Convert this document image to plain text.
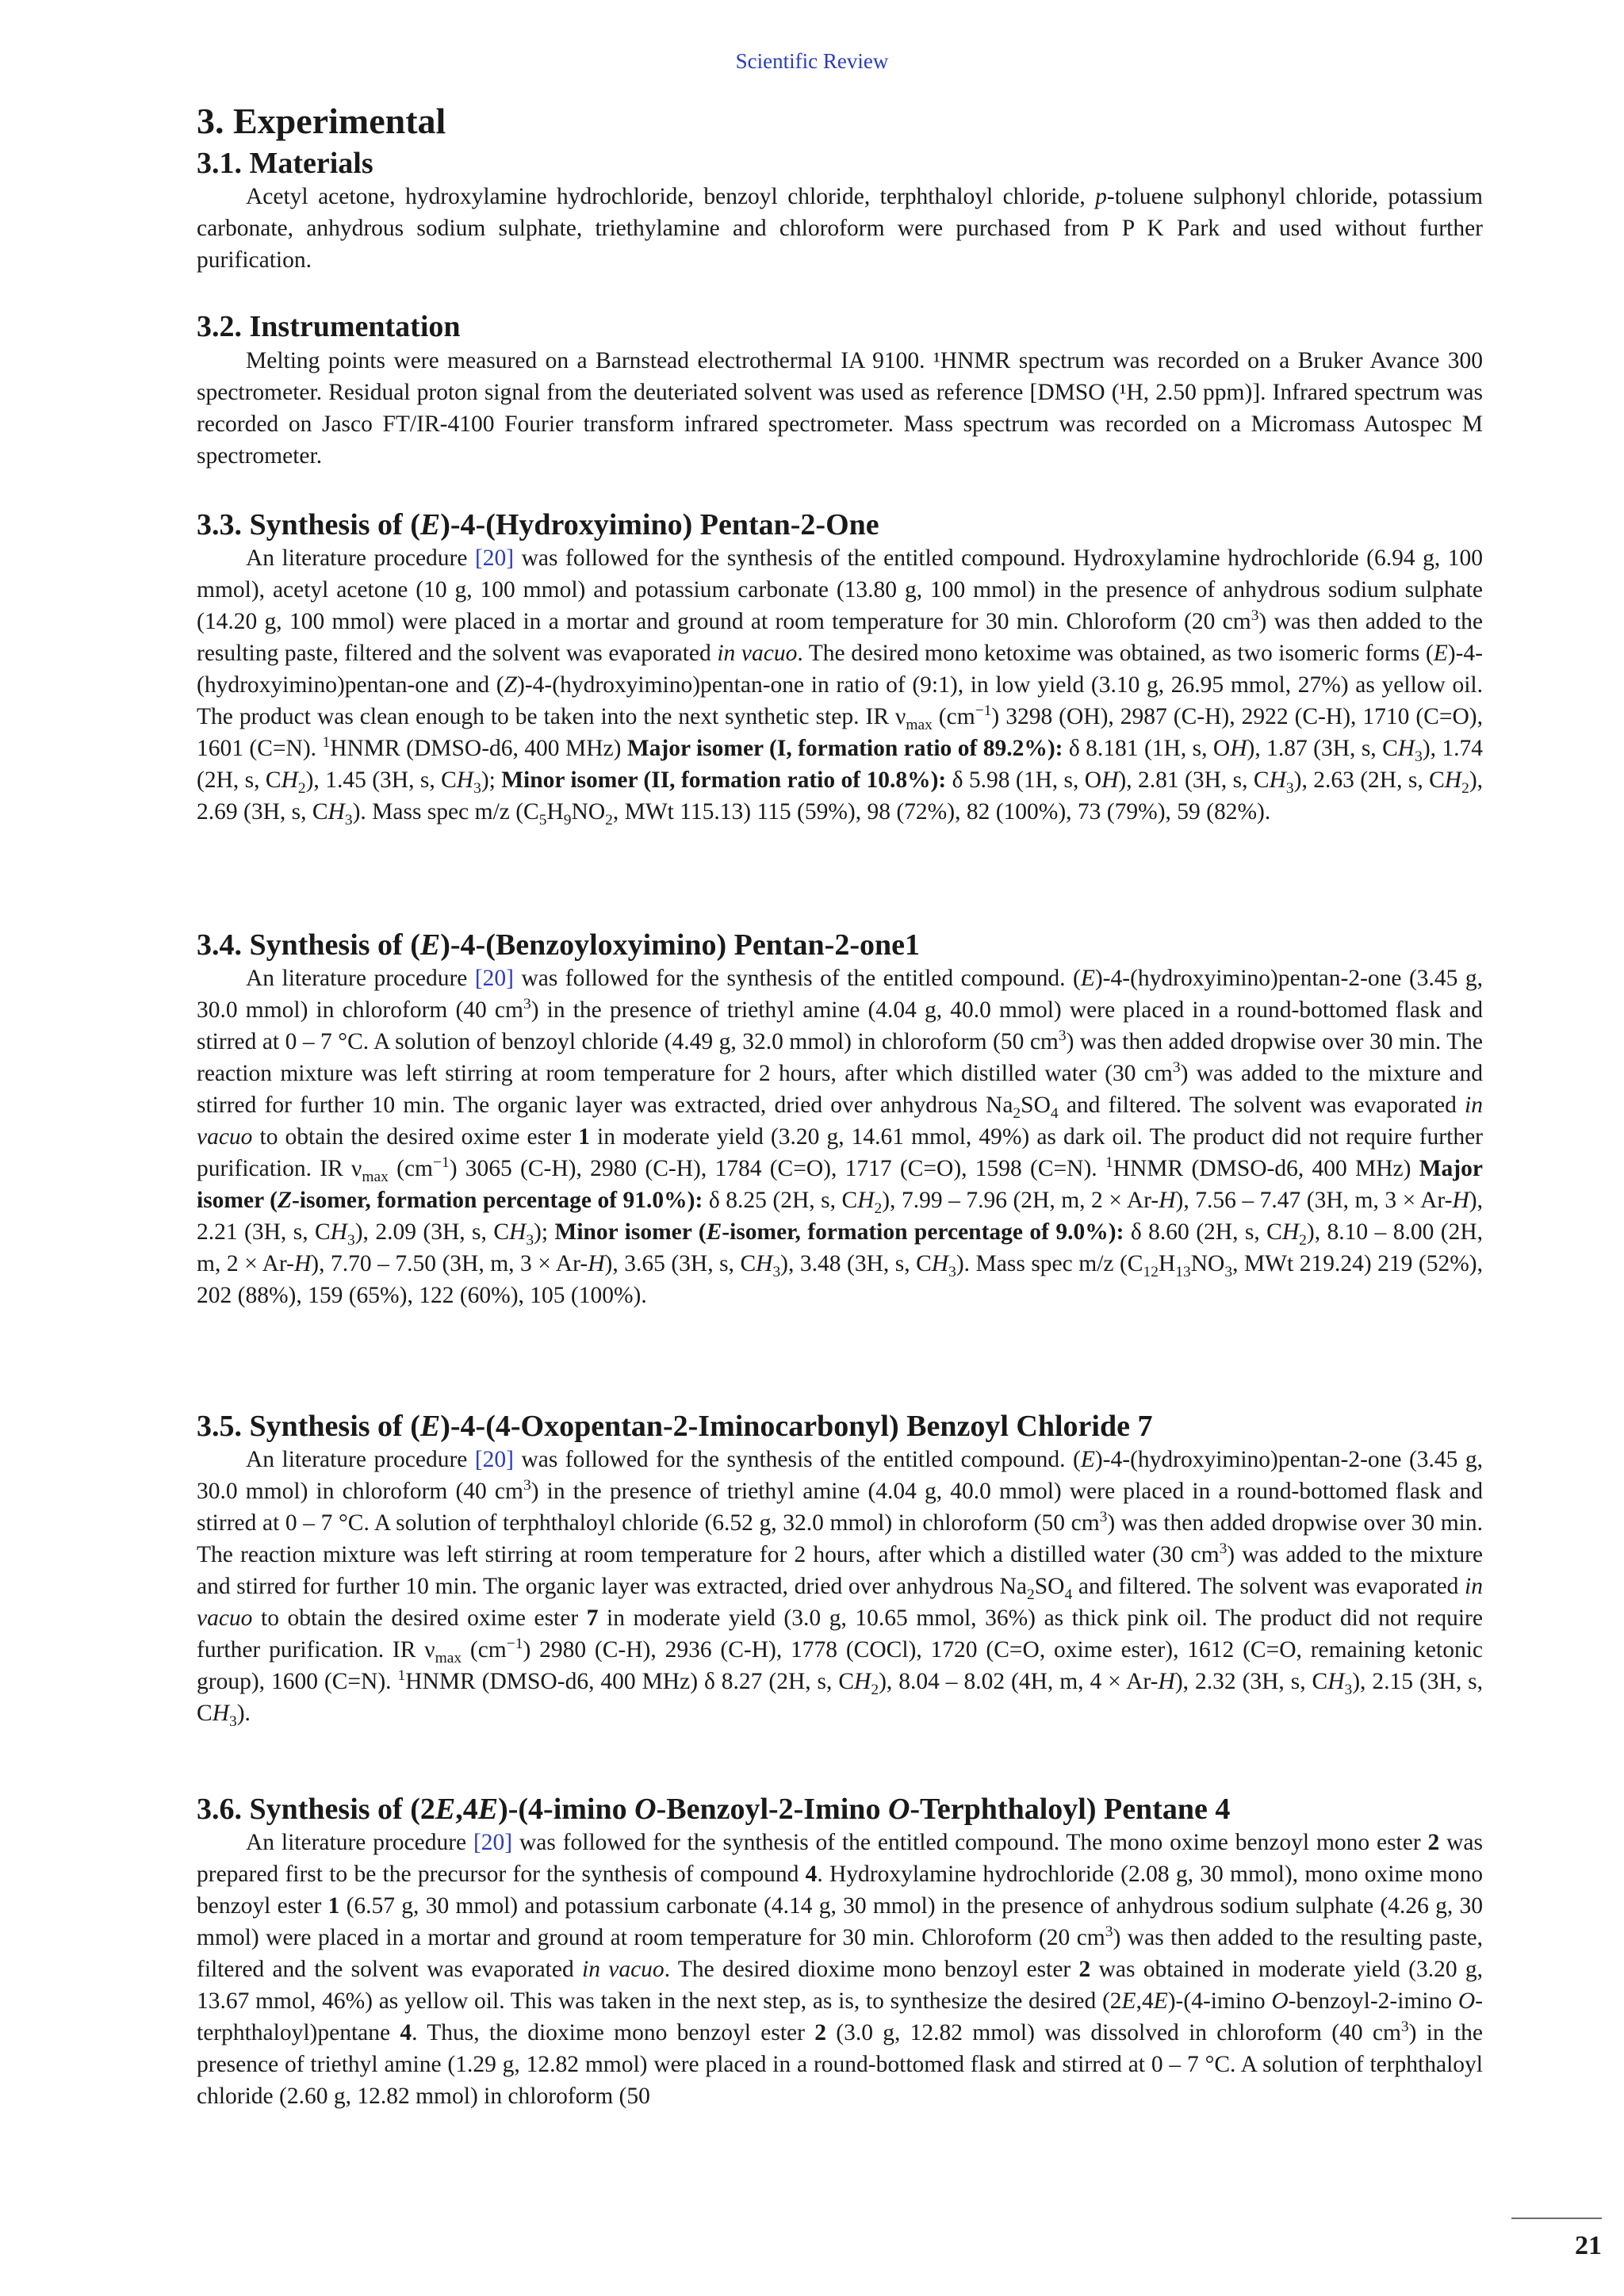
Scientific Review
3. Experimental
3.1. Materials

Acetyl acetone, hydroxylamine hydrochloride, benzoyl chloride, terphthaloyl chloride, p-toluene sulphonyl chloride, potassium carbonate, anhydrous sodium sulphate, triethylamine and chloroform were purchased from P K Park and used without further purification.

3.2. Instrumentation

Melting points were measured on a Barnstead electrothermal IA 9100. ¹HNMR spectrum was recorded on a Bruker Avance 300 spectrometer. Residual proton signal from the deuteriated solvent was used as reference [DMSO (¹H, 2.50 ppm)]. Infrared spectrum was recorded on Jasco FT/IR-4100 Fourier transform infrared spectrometer. Mass spectrum was recorded on a Micromass Autospec M spectrometer.

3.3. Synthesis of (E)-4-(Hydroxyimino) Pentan-2-One

An literature procedure [20] was followed for the synthesis of the entitled compound. Hydroxylamine hydrochloride (6.94 g, 100 mmol), acetyl acetone (10 g, 100 mmol) and potassium carbonate (13.80 g, 100 mmol) in the presence of anhydrous sodium sulphate (14.20 g, 100 mmol) were placed in a mortar and ground at room temperature for 30 min. Chloroform (20 $cm^3$) was then added to the resulting paste, filtered and the solvent was evaporated in vacuo. The desired mono ketoxime was obtained, as two isomeric forms (E)-4-(hydroxyimino)pentan-one and (Z)-4-(hydroxyimino)pentan-one in ratio of (9:1), in low yield (3.10 g, 26.95 mmol, 27%) as yellow oil. The product was clean enough to be taken into the next synthetic step. IR $\nu_{max}$ $(cm^{-1})$ 3298 (OH), 2987 (C-H), 2922 (C-H), 1710 (C=O), 1601 (C=N). $^1$HNMR (DMSO-d6, 400 MHz) Major isomer (I, formation ratio of 89.2%): δ 8.181 (1H, s, OH), 1.87 (3H, s, $CH_3$), 1.74 (2H, s, $CH_2$), 1.45 (3H, s, $CH_3$); Minor isomer (II, formation ratio of 10.8%): δ 5.98 (1H, s, OH), 2.81 (3H, s, $CH_3$), 2.63 (2H, s, $CH_2$), 2.69 (3H, s, $CH_3$). Mass spec m/z ($C_5H_9NO_2$, MWt 115.13) 115 (59%), 98 (72%), 82 (100%), 73 (79%), 59 (82%).

3.4. Synthesis of (E)-4-(Benzoyloxyimino) Pentan-2-one1

An literature procedure [20] was followed for the synthesis of the entitled compound. (E)-4-(hydroxyimino)pentan-2-one (3.45 g, 30.0 mmol) in chloroform (40 $cm^3$) in the presence of triethyl amine (4.04 g, 40.0 mmol) were placed in a round-bottomed flask and stirred at 0 – 7 °C. A solution of benzoyl chloride (4.49 g, 32.0 mmol) in chloroform (50 $cm^3$) was then added dropwise over 30 min. The reaction mixture was left stirring at room temperature for 2 hours, after which distilled water (30 $cm^3$) was added to the mixture and stirred for further 10 min. The organic layer was extracted, dried over anhydrous $Na_2SO_4$ and filtered. The solvent was evaporated in vacuo to obtain the desired oxime ester 1 in moderate yield (3.20 g, 14.61 mmol, 49%) as dark oil. The product did not require further purification. IR $\nu_{max}$ $(cm^{-1})$ 3065 (C-H), 2980 (C-H), 1784 (C=O), 1717 (C=O), 1598 (C=N). $^1$HNMR (DMSO-d6, 400 MHz) Major isomer (Z-isomer, formation percentage of 91.0%): δ 8.25 (2H, s, $CH_2$), 7.99 – 7.96 (2H, m, 2 × Ar-H), 7.56 – 7.47 (3H, m, 3 × Ar-H), 2.21 (3H, s, $CH_3$), 2.09 (3H, s, $CH_3$); Minor isomer (E-isomer, formation percentage of 9.0%): δ 8.60 (2H, s, $CH_2$), 8.10 – 8.00 (2H, m, 2 × Ar-H), 7.70 – 7.50 (3H, m, 3 × Ar-H), 3.65 (3H, s, $CH_3$), 3.48 (3H, s, $CH_3$). Mass spec m/z ($C_{12}H_{13}NO_3$, MWt 219.24) 219 (52%), 202 (88%), 159 (65%), 122 (60%), 105 (100%).

3.5. Synthesis of (E)-4-(4-Oxopentan-2-Iminocarbonyl) Benzoyl Chloride 7

An literature procedure [20] was followed for the synthesis of the entitled compound. (E)-4-(hydroxyimino)pentan-2-one (3.45 g, 30.0 mmol) in chloroform (40 $cm^3$) in the presence of triethyl amine (4.04 g, 40.0 mmol) were placed in a round-bottomed flask and stirred at 0 – 7 °C. A solution of terphthaloyl chloride (6.52 g, 32.0 mmol) in chloroform (50 $cm^3$) was then added dropwise over 30 min. The reaction mixture was left stirring at room temperature for 2 hours, after which a distilled water (30 $cm^3$) was added to the mixture and stirred for further 10 min. The organic layer was extracted, dried over anhydrous $Na_2SO_4$ and filtered. The solvent was evaporated in vacuo to obtain the desired oxime ester 7 in moderate yield (3.0 g, 10.65 mmol, 36%) as thick pink oil. The product did not require further purification. IR $\nu_{max}$ $(cm^{-1})$ 2980 (C-H), 2936 (C-H), 1778 (COCl), 1720 (C=O, oxime ester), 1612 (C=O, remaining ketonic group), 1600 (C=N). $^1$HNMR (DMSO-d6, 400 MHz) δ 8.27 (2H, s, $CH_2$), 8.04 – 8.02 (4H, m, 4 × Ar-H), 2.32 (3H, s, $CH_3$), 2.15 (3H, s, $CH_3$).

3.6. Synthesis of (2E,4E)-(4-imino O-Benzoyl-2-Imino O-Terphthaloyl) Pentane 4

An literature procedure [20] was followed for the synthesis of the entitled compound. The mono oxime benzoyl mono ester 2 was prepared first to be the precursor for the synthesis of compound 4. Hydroxylamine hydrochloride (2.08 g, 30 mmol), mono oxime mono benzoyl ester 1 (6.57 g, 30 mmol) and potassium carbonate (4.14 g, 30 mmol) in the presence of anhydrous sodium sulphate (4.26 g, 30 mmol) were placed in a mortar and ground at room temperature for 30 min. Chloroform (20 $cm^3$) was then added to the resulting paste, filtered and the solvent was evaporated in vacuo. The desired dioxime mono benzoyl ester 2 was obtained in moderate yield (3.20 g, 13.67 mmol, 46%) as yellow oil. This was taken in the next step, as is, to synthesize the desired (2E,4E)-(4-imino O-benzoyl-2-imino O-terphthaloyl)pentane 4. Thus, the dioxime mono benzoyl ester 2 (3.0 g, 12.82 mmol) was dissolved in chloroform (40 $cm^3$) in the presence of triethyl amine (1.29 g, 12.82 mmol) were placed in a round-bottomed flask and stirred at 0 – 7 °C. A solution of terphthaloyl chloride (2.60 g, 12.82 mmol) in chloroform (50

21
